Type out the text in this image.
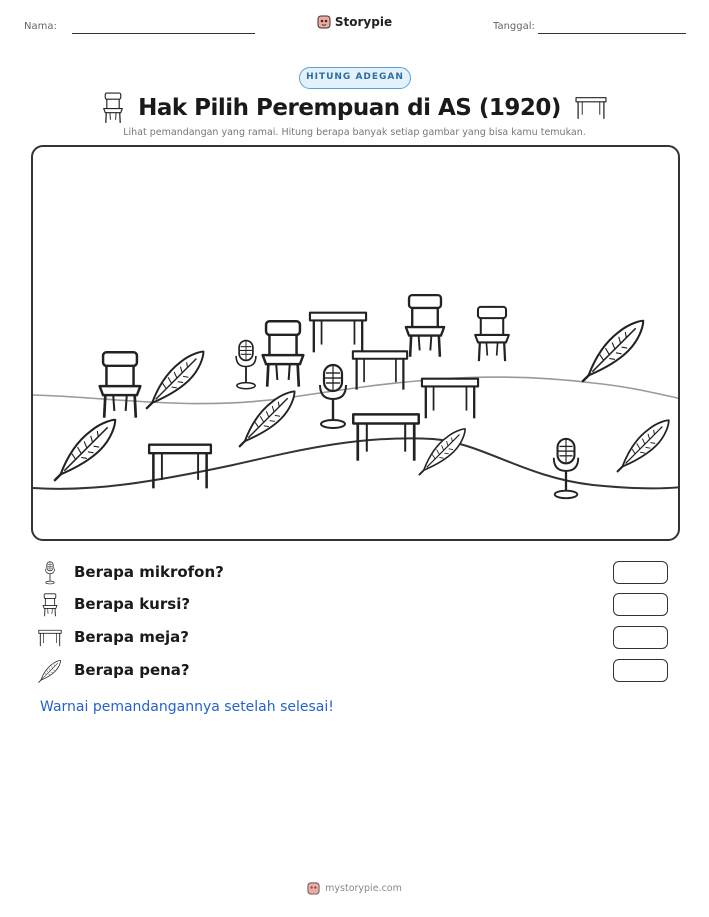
Nama:	Storypie	Tanggal:
HITUNG ADEGAN
Hak Pilih Perempuan di AS (1920)
Lihat pemandangan yang ramai. Hitung berapa banyak setiap gambar yang bisa kamu temukan.
Berapa mikrofon?
Berapa kursi?
Berapa meja?
Berapa pena?
Warnai pemandangannya setelah selesai!
mystorypie.com
